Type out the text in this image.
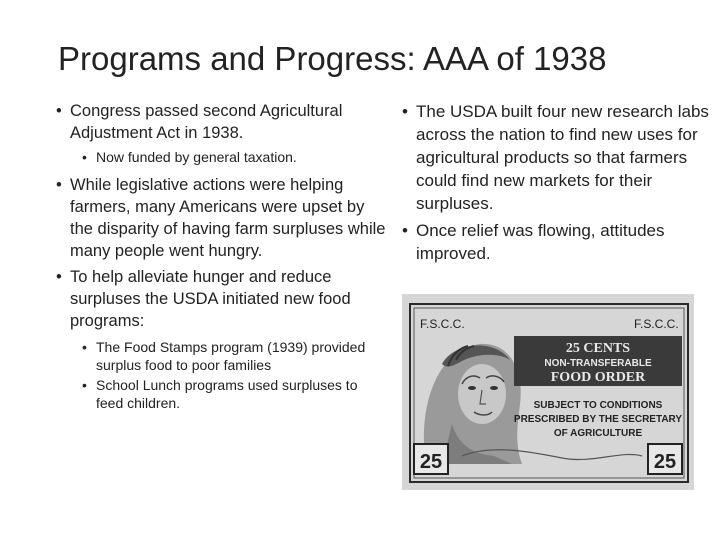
Programs and Progress: AAA of 1938
• Congress passed second Agricultural Adjustment Act in 1938.
• Now funded by general taxation.
• While legislative actions were helping farmers, many Americans were upset by the disparity of having farm surpluses while many people went hungry.
• To help alleviate hunger and reduce surpluses the USDA initiated new food programs:
• The Food Stamps program (1939) provided surplus food to poor families
• School Lunch programs used surpluses to feed children.
• The USDA built four new research labs across the nation to find new uses for agricultural products so that farmers could find new markets for their surpluses.
• Once relief was flowing, attitudes improved.
F.S.C.C.	F.S.C.C.
25 CENTS
NON-TRANSFERABLE
FOOD ORDER
SUBJECT TO CONDITIONS
PRESCRIBED BY THE SECRETARY
OF AGRICULTURE
25	25
